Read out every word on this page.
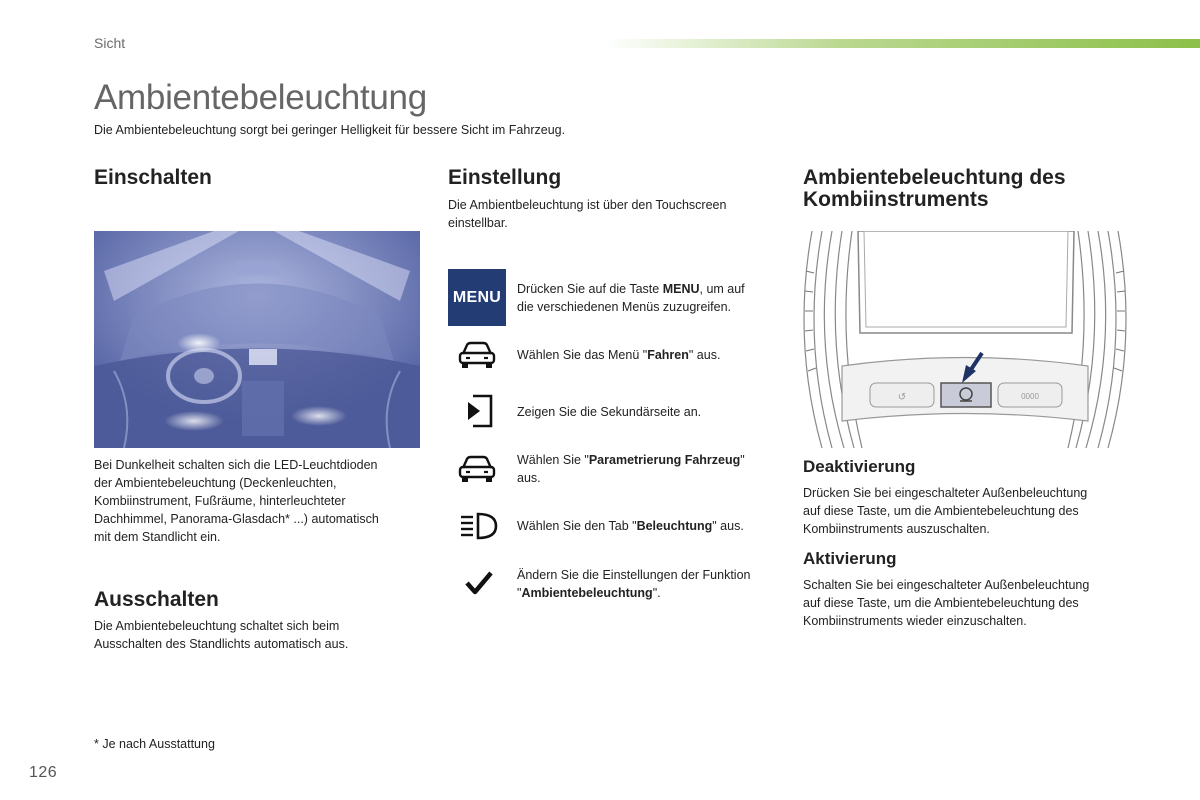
Sicht
Ambientebeleuchtung
Die Ambientebeleuchtung sorgt bei geringer Helligkeit für bessere Sicht im Fahrzeug.
Einschalten
Bei Dunkelheit schalten sich die LED-Leuchtdioden
der Ambientebeleuchtung (Deckenleuchten,
Kombiinstrument, Fußräume, hinterleuchteter
Dachhimmel, Panorama-Glasdach* ...) automatisch
mit dem Standlicht ein.
Ausschalten
Die Ambientebeleuchtung schaltet sich beim
Ausschalten des Standlichts automatisch aus.
Einstellung
Die Ambientbeleuchtung ist über den Touchscreen
einstellbar.
MENU	Drücken Sie auf die Taste MENU, um auf
die verschiedenen Menüs zuzugreifen.
Wählen Sie das Menü "Fahren" aus.
Zeigen Sie die Sekundärseite an.
Wählen Sie "Parametrierung Fahrzeug"
aus.
Wählen Sie den Tab "Beleuchtung" aus.
Ändern Sie die Einstellungen der Funktion
"Ambientebeleuchtung".
Ambientebeleuchtung des
Kombiinstruments
↺	0000
Deaktivierung
Drücken Sie bei eingeschalteter Außenbeleuchtung
auf diese Taste, um die Ambientebeleuchtung des
Kombiinstruments auszuschalten.
Aktivierung
Schalten Sie bei eingeschalteter Außenbeleuchtung
auf diese Taste, um die Ambientebeleuchtung des
Kombiinstruments wieder einzuschalten.
* Je nach Ausstattung
126
